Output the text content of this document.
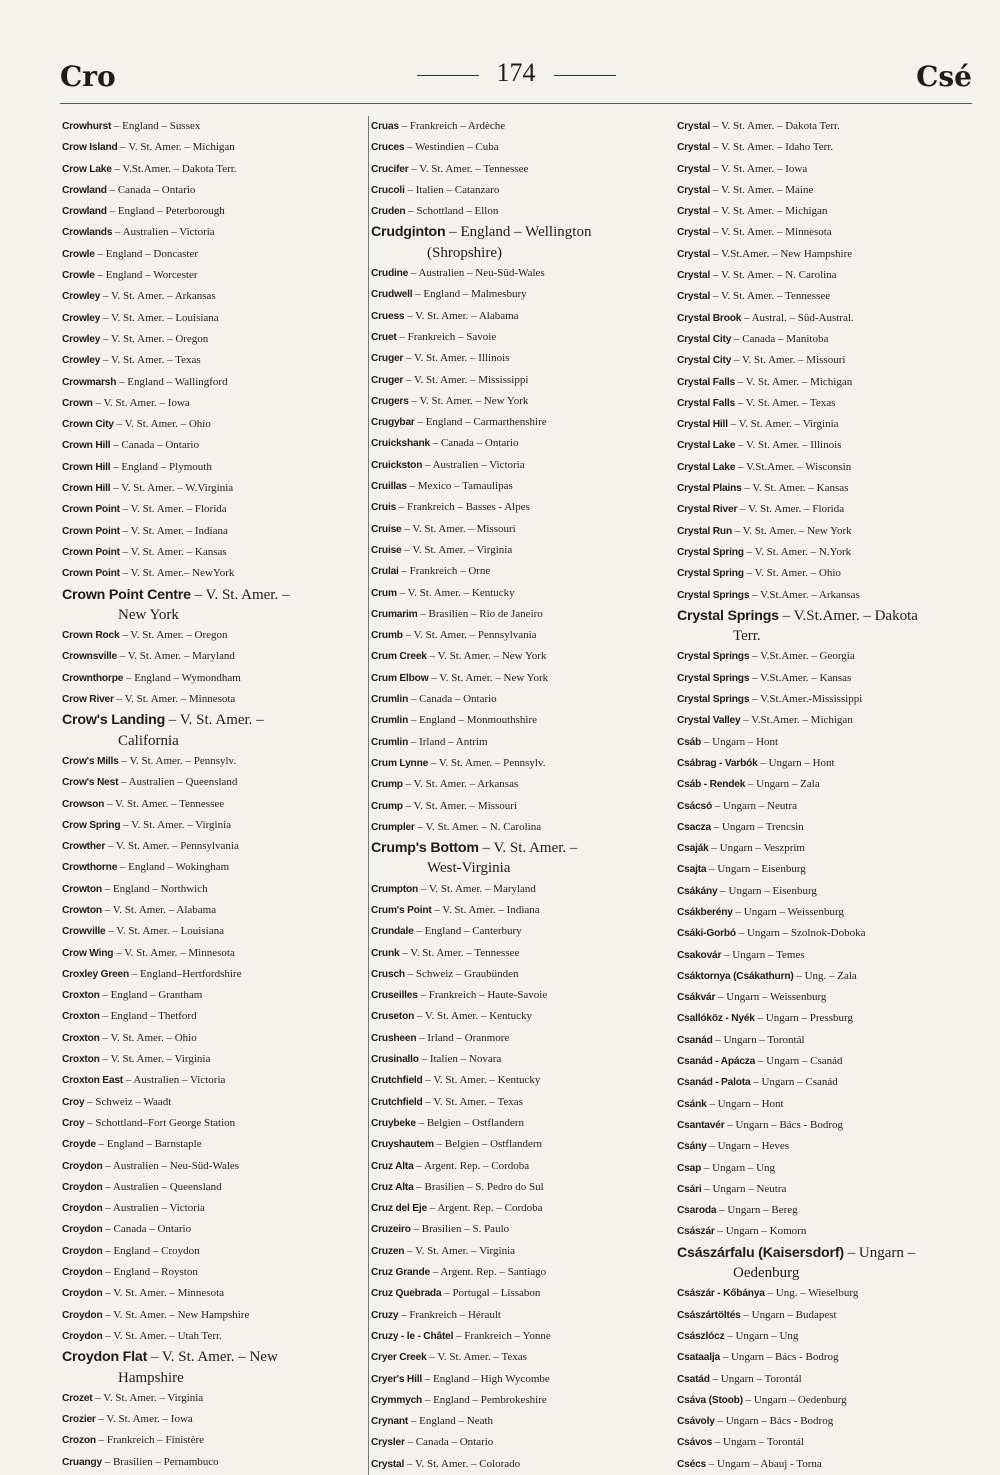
Cro	174	Csé
Crowhurst – England – Sussex
Crow Island – V. St. Amer. – Michigan
Crow Lake – V.St.Amer. – Dakota Terr.
Crowland – Canada – Ontario
Crowland – England – Peterborough
Crowlands – Australien – Victoria
Crowle – England – Doncaster
Crowle – England – Worcester
Crowley – V. St. Amer. – Arkansas
Crowley – V. St. Amer. – Louisiana
Crowley – V. St. Amer. – Oregon
Crowley – V. St. Amer. – Texas
Crowmarsh – England – Wallingford
Crown – V. St. Amer. – Iowa
Crown City – V. St. Amer. – Ohio
Crown Hill – Canada – Ontario
Crown Hill – England – Plymouth
Crown Hill – V. St. Amer. – W.Virginia
Crown Point – V. St. Amer. – Florida
Crown Point – V. St. Amer. – Indiana
Crown Point – V. St. Amer. – Kansas
Crown Point – V. St. Amer.– NewYork
Crown Point Centre – V. St. Amer. –
New York
Crown Rock – V. St. Amer. – Oregon
Crownsville – V. St. Amer. – Maryland
Crownthorpe – England – Wymondham
Crow River – V. St. Amer. – Minnesota
Crow's Landing – V. St. Amer. –
California
Crow's Mills – V. St. Amer. – Pennsylv.
Crow's Nest – Australien – Queensland
Crowson – V. St. Amer. – Tennessee
Crow Spring – V. St. Amer. – Virginia
Crowther – V. St. Amer. – Pennsylvania
Crowthorne – England – Wokingham
Crowton – England – Northwich
Crowton – V. St. Amer. – Alabama
Crowville – V. St. Amer. – Louisiana
Crow Wing – V. St. Amer. – Minnesota
Croxley Green – England–Hertfordshire
Croxton – England – Grantham
Croxton – England – Thetford
Croxton – V. St. Amer. – Ohio
Croxton – V. St. Amer. – Virginia
Croxton East – Australien – Victoria
Croy – Schweiz – Waadt
Croy – Schottland–Fort George Station
Croyde – England – Barnstaple
Croydon – Australien – Neu-Süd-Wales
Croydon – Australien – Queensland
Croydon – Australien – Victoria
Croydon – Canada – Ontario
Croydon – England – Croydon
Croydon – England – Royston
Croydon – V. St. Amer. – Minnesota
Croydon – V. St. Amer. – New Hampshire
Croydon – V. St. Amer. – Utah Terr.
Croydon Flat – V. St. Amer. – New
Hampshire
Crozet – V. St. Amer. – Virginia
Crozier – V. St. Amer. – Iowa
Crozon – Frankreich – Finistère
Cruangy – Brasilien – Pernambuco
Cruas – Frankreich – Ardèche
Cruces – Westindien – Cuba
Crucifer – V. St. Amer. – Tennessee
Crucoli – Italien – Catanzaro
Cruden – Schottland – Ellon
Crudginton – England – Wellington
(Shropshire)
Crudine – Australien – Neu-Süd-Wales
Crudwell – England – Malmesbury
Cruess – V. St. Amer. – Alabama
Cruet – Frankreich – Savoie
Cruger – V. St. Amer. – Illinois
Cruger – V. St. Amer. – Mississippi
Crugers – V. St. Amer. – New York
Crugybar – England – Carmarthenshire
Cruickshank – Canada – Ontario
Cruickston – Australien – Victoria
Cruillas – Mexico – Tamaulipas
Cruis – Frankreich – Basses - Alpes
Cruise – V. St. Amer. – Missouri
Cruise – V. St. Amer. – Virginia
Crulai – Frankreich – Orne
Crum – V. St. Amer. – Kentucky
Crumarim – Brasilien – Rio de Janeiro
Crumb – V. St. Amer. – Pennsylvania
Crum Creek – V. St. Amer. – New York
Crum Elbow – V. St. Amer. – New York
Crumlin – Canada – Ontario
Crumlin – England – Monmouthshire
Crumlin – Irland – Antrim
Crum Lynne – V. St. Amer. – Pennsylv.
Crump – V. St. Amer. – Arkansas
Crump – V. St. Amer. – Missouri
Crumpler – V. St. Amer. – N. Carolina
Crump's Bottom – V. St. Amer. –
West-Virginia
Crumpton – V. St. Amer. – Maryland
Crum's Point – V. St. Amer. – Indiana
Crundale – England – Canterbury
Crunk – V. St. Amer. – Tennessee
Crusch – Schweiz – Graubünden
Cruseilles – Frankreich – Haute-Savoie
Cruseton – V. St. Amer. – Kentucky
Crusheen – Irland – Oranmore
Crusinallo – Italien – Novara
Crutchfield – V. St. Amer. – Kentucky
Crutchfield – V. St. Amer. – Texas
Cruybeke – Belgien – Ostflandern
Cruyshautem – Belgien – Ostflandern
Cruz Alta – Argent. Rep. – Cordoba
Cruz Alta – Brasilien – S. Pedro do Sul
Cruz del Eje – Argent. Rep. – Cordoba
Cruzeiro – Brasilien – S. Paulo
Cruzen – V. St. Amer. – Virginia
Cruz Grande – Argent. Rep. – Santiago
Cruz Quebrada – Portugal – Lissabon
Cruzy – Frankreich – Hérault
Cruzy - le - Châtel – Frankreich – Yonne
Cryer Creek – V. St. Amer. – Texas
Cryer's Hill – England – High Wycombe
Crymmych – England – Pembrokeshire
Crynant – England – Neath
Crysler – Canada – Ontario
Crystal – V. St. Amer. – Colorado
Crystal – V. St. Amer. – Dakota Terr.
Crystal – V. St. Amer. – Idaho Terr.
Crystal – V. St. Amer. – Iowa
Crystal – V. St. Amer. – Maine
Crystal – V. St. Amer. – Michigan
Crystal – V. St. Amer. – Minnesota
Crystal – V.St.Amer. – New Hampshire
Crystal – V. St. Amer. – N. Carolina
Crystal – V. St. Amer. – Tennessee
Crystal Brook – Austral. – Süd-Austral.
Crystal City – Canada – Manitoba
Crystal City – V. St. Amer. – Missouri
Crystal Falls – V. St. Amer. – Michigan
Crystal Falls – V. St. Amer. – Texas
Crystal Hill – V. St. Amer. – Virginia
Crystal Lake – V. St. Amer. – Illinois
Crystal Lake – V.St.Amer. – Wisconsin
Crystal Plains – V. St. Amer. – Kansas
Crystal River – V. St. Amer. – Florida
Crystal Run – V. St. Amer. – New York
Crystal Spring – V. St. Amer. – N.York
Crystal Spring – V. St. Amer. – Ohio
Crystal Springs – V.St.Amer. – Arkansas
Crystal Springs – V.St.Amer. – Dakota
Terr.
Crystal Springs – V.St.Amer. – Georgia
Crystal Springs – V.St.Amer. – Kansas
Crystal Springs – V.St.Amer.-Mississippi
Crystal Valley – V.St.Amer. – Michigan
Csáb – Ungarn – Hont
Csábrag - Varbók – Ungarn – Hont
Csáb - Rendek – Ungarn – Zala
Csácsó – Ungarn – Neutra
Csacza – Ungarn – Trencsin
Csaják – Ungarn – Veszprim
Csajta – Ungarn – Eisenburg
Csákány – Ungarn – Eisenburg
Csákberény – Ungarn – Weissenburg
Csáki-Gorbó – Ungarn – Szolnok-Doboka
Csakovár – Ungarn – Temes
Csáktornya (Csákathurn) – Ung. – Zala
Csákvár – Ungarn – Weissenburg
Csallóköz - Nyék – Ungarn – Pressburg
Csanád – Ungarn – Torontál
Csanád - Apácza – Ungarn – Csanád
Csanád - Palota – Ungarn – Csanád
Csánk – Ungarn – Hont
Csantavér – Ungarn – Bács - Bodrog
Csány – Ungarn – Heves
Csap – Ungarn – Ung
Csári – Ungarn – Neutra
Csaroda – Ungarn – Bereg
Császár – Ungarn – Komorn
Császárfalu (Kaisersdorf) – Ungarn –
Oedenburg
Császár - Kőbánya – Ung. – Wieselburg
Császártöltés – Ungarn – Budapest
Császlócz – Ungarn – Ung
Csataalja – Ungarn – Bács - Bodrog
Csatád – Ungarn – Torontál
Csáva (Stoob) – Ungarn – Oedenburg
Csávoly – Ungarn – Bács - Bodrog
Csávos – Ungarn – Torontál
Csécs – Ungarn – Abauj - Torna
